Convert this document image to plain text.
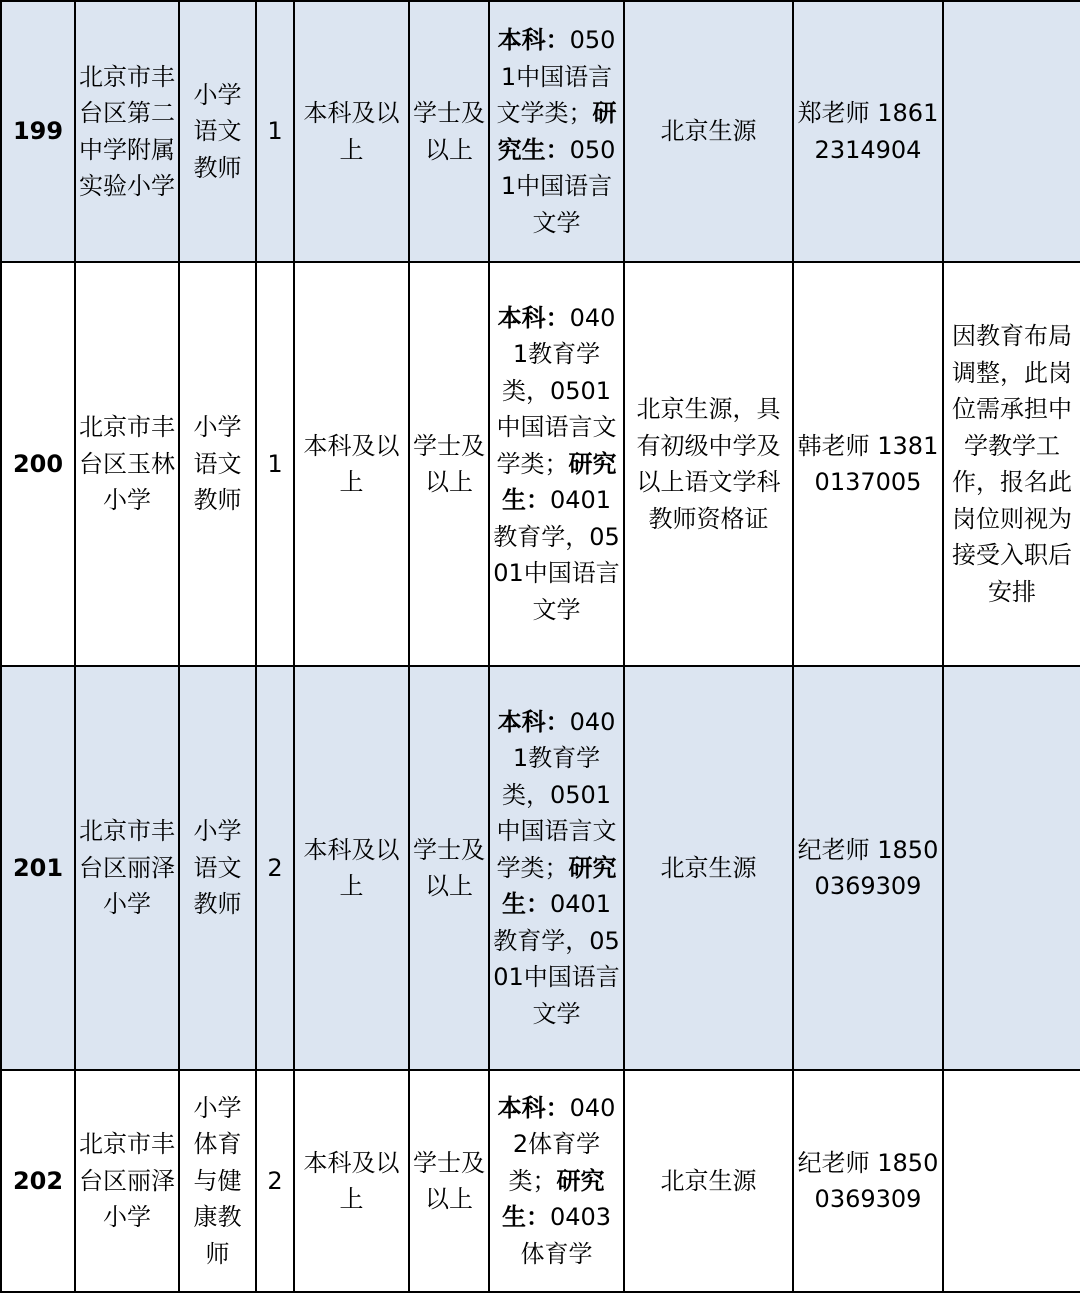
199	北京市丰台区第二中学附属实验小学	小学语文教师	1	本科及以上	学士及以上	本科：0501中国语言文学类；研究生：0501中国语言文学	北京生源	郑老师 18612314904	
200	北京市丰台区玉林小学	小学语文教师	1	本科及以上	学士及以上	本科：0401教育学类，0501中国语言文学类；研究生：0401教育学，0501中国语言文学	北京生源，具有初级中学及以上语文学科教师资格证	韩老师 13810137005	因教育布局调整，此岗位需承担中学教学工作，报名此岗位则视为接受入职后安排
201	北京市丰台区丽泽小学	小学语文教师	2	本科及以上	学士及以上	本科：0401教育学类，0501中国语言文学类；研究生：0401教育学，0501中国语言文学	北京生源	纪老师 18500369309	
202	北京市丰台区丽泽小学	小学体育与健康教师	2	本科及以上	学士及以上	本科：0402体育学类；研究生：0403体育学	北京生源	纪老师 18500369309	
